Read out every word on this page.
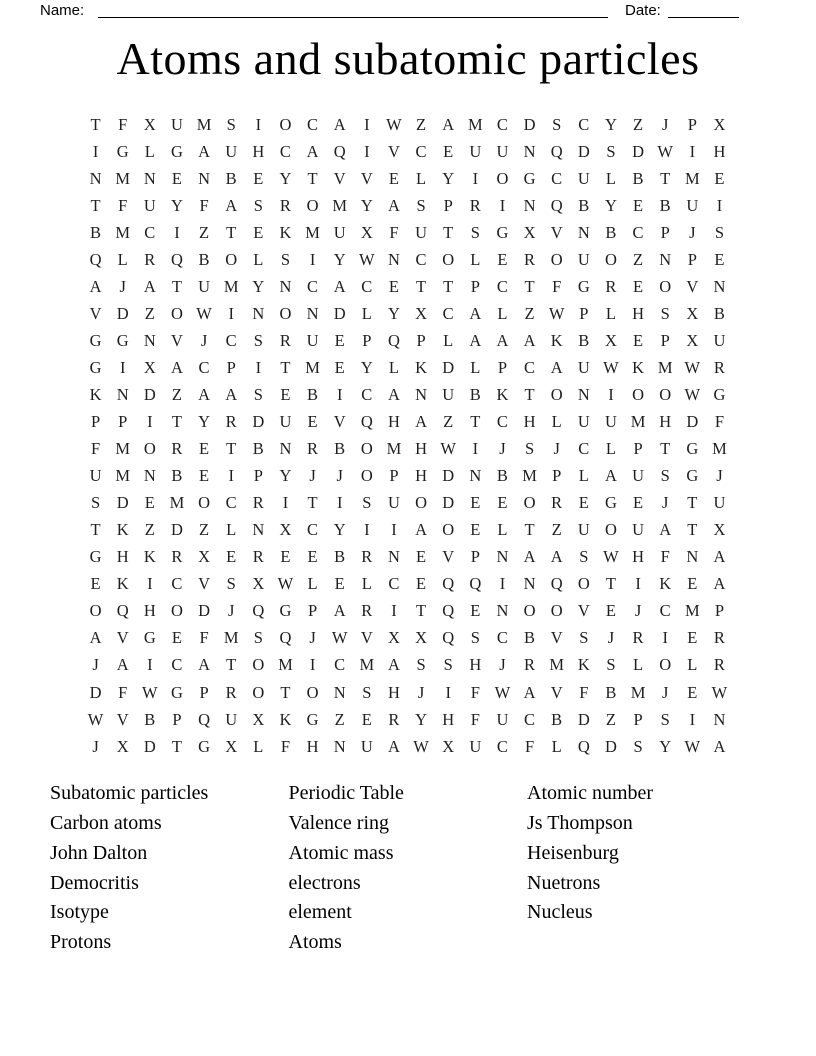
Name:	Date:
Atoms and subatomic particles
T	F	X U M S	I	O C A	I	W Z A M C D	S	C Y Z	J	P	X
I	G L G A U H C A Q	I	V C	E U U N Q D	S	D W	I	H
N M N E N B	E Y T V V E	L Y	I	O G C U L	B	T M E
T	F	U Y	F	A	S	R O M Y A	S	P	R	I	N Q B Y E	B U	I
B M C	I	Z	T	E K M U X	F	U T	S	G X V N B C	P	J	S
Q L	R Q B O L	S	I	Y W N C O L	E	R O U O Z N	P	E
A	J	A T U M Y N C A C	E	T	T	P	C	T	F	G R	E O V N
V D Z O W	I	N O N D L Y X C A L	Z W P	L H	S	X B
G G N V	J	C	S	R U E	P	Q	P	L A A A K B X E	P	X U
G	I	X A C	P	I	T M E Y L K D L	P	C A U W K M W R
K N D Z A A	S	E	B	I	C A N U B K T O N	I	O O W G
P	P	I	T Y R D U E V Q H A Z	T	C H L U U M H D	F
F M O R	E	T	B N R B O M H W	I	J	S	J	C	L	P	T G M
U M N B	E	I	P	Y	J	J	O	P	H D N B M P	L A U	S	G	J
S	D E M O C R	I	T	I	S	U O D E	E O R	E G E	J	T U
T K Z D Z	L N X C Y	I	I	A O E	L	T	Z U O U A T X
G H K R X E	R	E	E	B R N E V	P	N A A	S W H	F	N A
E K	I	C V	S	X W L	E	L	C	E Q Q	I	N Q O T	I	K E A
O Q H O D	J	Q G	P	A R	I	T Q E N O O V E	J	C M P
A V G E	F M S	Q	J W V X X Q	S	C B V	S	J	R	I	E	R
J	A	I	C A T O M	I	C M A	S	S	H	J	R M K	S	L O L	R
D	F W G	P	R O T O N	S	H	J	I	F W A V	F	B M	J	E W
W V B	P	Q U X K G Z	E	R Y H	F	U C B D Z	P	S	I	N
J	X D T G X L	F	H N U A W X U C	F	L Q D	S	Y W A
Subatomic particles
Carbon atoms
John Dalton
Democritis
Isotype
Protons
Periodic Table
Valence ring
Atomic mass
electrons
element
Atoms
Atomic number
Js Thompson
Heisenburg
Nuetrons
Nucleus
